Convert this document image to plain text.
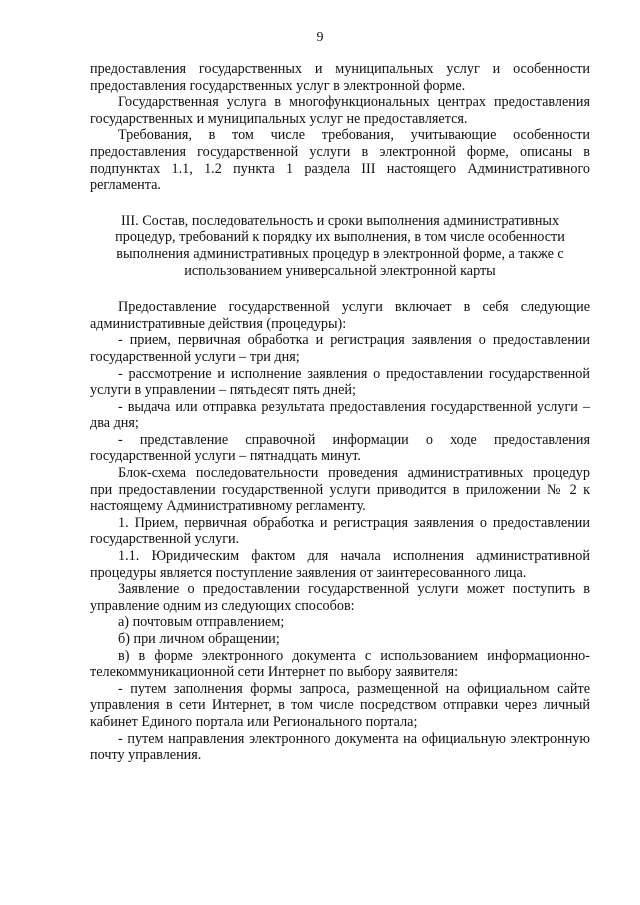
9

предоставления государственных и муниципальных услуг и особенности предоставления государственных услуг в электронной форме.

Государственная услуга в многофункциональных центрах предоставления государственных и муниципальных услуг не предоставляется.

Требования, в том числе требования, учитывающие особенности предоставления государственной услуги в электронной форме, описаны в подпунктах 1.1, 1.2 пункта 1 раздела III настоящего Административного регламента.

III. Состав, последовательность и сроки выполнения административных
процедур, требований к порядку их выполнения, в том числе особенности
выполнения административных процедур в электронной форме, а также с
использованием универсальной электронной карты

Предоставление государственной услуги включает в себя следующие административные действия (процедуры):

- прием, первичная обработка и регистрация заявления о предоставлении государственной услуги – три дня;

- рассмотрение и исполнение заявления о предоставлении государственной услуги в управлении – пятьдесят пять дней;

- выдача или отправка результата предоставления государственной услуги – два дня;

- представление справочной информации о ходе предоставления государственной услуги – пятнадцать минут.

Блок-схема последовательности проведения административных процедур при предоставлении государственной услуги приводится в приложении № 2 к настоящему Административному регламенту.

1. Прием, первичная обработка и регистрация заявления о предоставлении государственной услуги.

1.1. Юридическим фактом для начала исполнения административной процедуры является поступление заявления от заинтересованного лица.

Заявление о предоставлении государственной услуги может поступить в управление одним из следующих способов:

а) почтовым отправлением;

б) при личном обращении;

в) в форме электронного документа с использованием информационно-телекоммуникационной сети Интернет по выбору заявителя:

- путем заполнения формы запроса, размещенной на официальном сайте управления в сети Интернет, в том числе посредством отправки через личный кабинет Единого портала или Регионального портала;

- путем направления электронного документа на официальную электронную почту управления.
